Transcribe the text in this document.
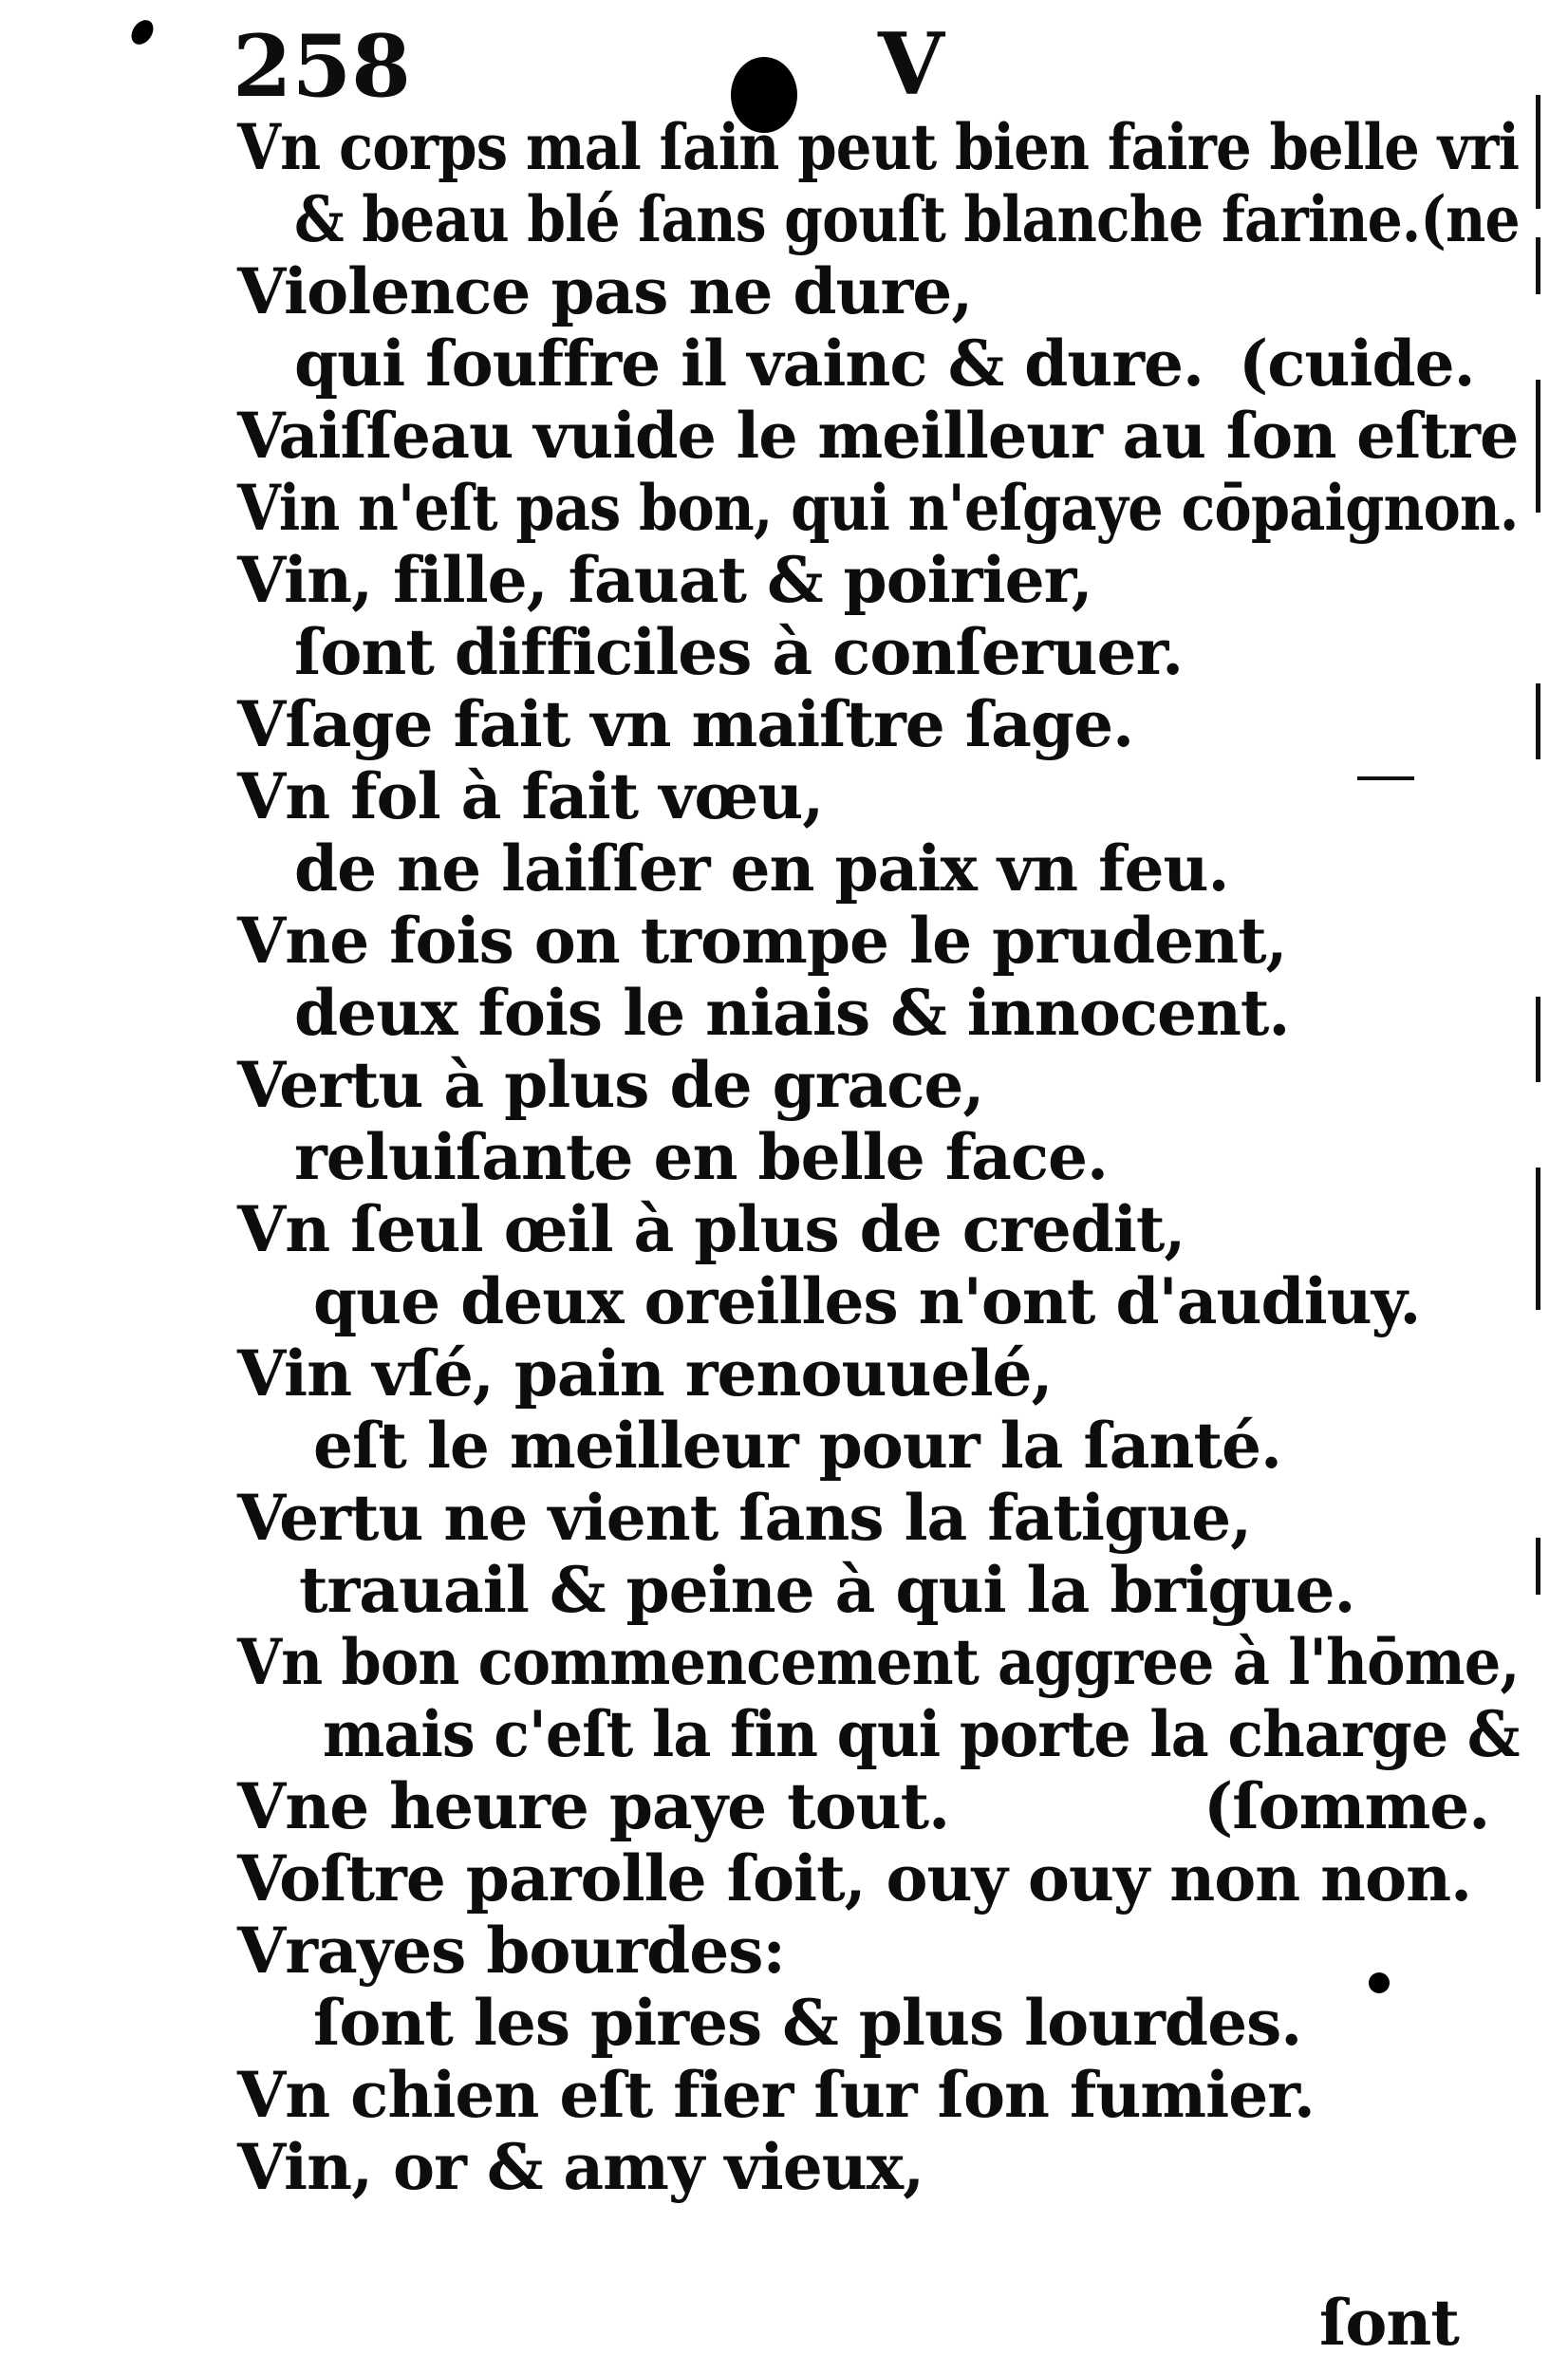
258	V
Vn corps mal ſain peut bien faire belle vri
& beau blé ſans gouſt blanche farine.(ne
Violence pas ne dure,
qui ſouffre il vainc & dure. (cuide.
Vaiſſeau vuide le meilleur au ſon eſtre
Vin n'eſt pas bon, qui n'eſgaye cōpaignon.
Vin, fille, fauat & poirier,
ſont difficiles à conſeruer.
Vſage fait vn maiſtre ſage.
Vn fol à fait vœu,
de ne laiſſer en paix vn feu.
Vne fois on trompe le prudent,
deux fois le niais & innocent.
Vertu à plus de grace,
reluiſante en belle face.
Vn ſeul œil à plus de credit,
que deux oreilles n'ont d'audiuy.
Vin vſé, pain renouuelé,
eſt le meilleur pour la ſanté.
Vertu ne vient ſans la fatigue,
trauail & peine à qui la brigue.
Vn bon commencement aggree à l'hōme,
mais c'eſt la fin qui porte la charge &
Vne heure paye tout.	(ſomme.
Voſtre parolle ſoit, ouy ouy non non.
Vrayes bourdes:
ſont les pires & plus lourdes.
Vn chien eſt fier ſur ſon fumier.
Vin, or & amy vieux,
ſont
